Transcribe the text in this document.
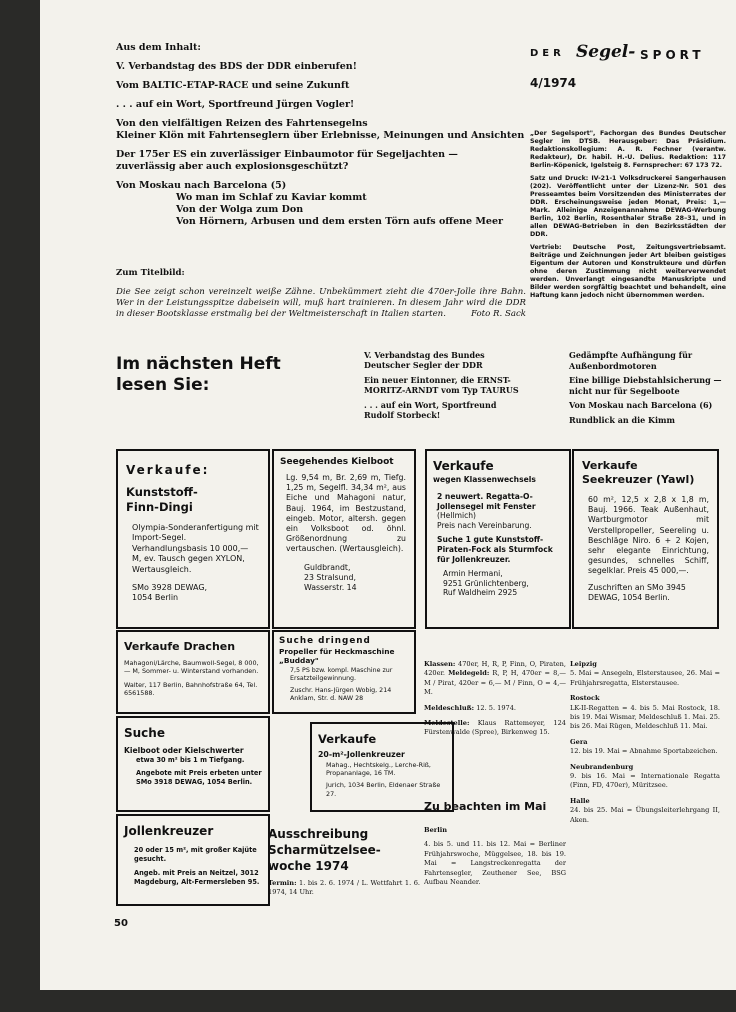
Aus dem Inhalt:
V. Verbandstag des BDS der DDR einberufen!
Vom BALTIC-ETAP-RACE und seine Zukunft
. . . auf ein Wort, Sportfreund Jürgen Vogler!
Von den vielfältigen Reizen des Fahrtensegelns
Kleiner Klön mit Fahrtenseglern über Erlebnisse, Meinungen und Ansichten
Der 175er ES ein zuverlässiger Einbaumotor für Segeljachten —
zuverlässig aber auch explosionsgeschützt?
Von Moskau nach Barcelona (5)
Wo man im Schlaf zu Kaviar kommt
Von der Wolga zum Don
Von Hörnern, Arbusen und dem ersten Törn aufs offene Meer
DER Segel- SPORT
4/1974

„Der Segelsport", Fachorgan des Bundes Deutscher Segler im DTSB. Herausgeber: Das Präsidium. Redaktionskollegium: A. R. Fechner (verantw. Redakteur), Dr. habil. H.-U. Delius. Redaktion: 117 Berlin-Köpenick, Igelsteig 8. Fernsprecher: 67 173 72.

Satz und Druck: IV-21-1 Volksdruckerei Sangerhausen (202). Veröffentlicht unter der Lizenz-Nr. 501 des Presseamtes beim Vorsitzenden des Ministerrates der DDR. Erscheinungsweise jeden Monat, Preis: 1,— Mark. Alleinige Anzeigenannahme DEWAG-Werbung Berlin, 102 Berlin, Rosenthaler Straße 28–31, und in allen DEWAG-Betrieben in den Bezirksstädten der DDR.

Vertrieb: Deutsche Post, Zeitungsvertriebsamt. Beiträge und Zeichnungen jeder Art bleiben geistiges Eigentum der Autoren und Konstrukteure und dürfen ohne deren Zustimmung nicht weiterverwendet werden. Unverlangt eingesandte Manuskripte und Bilder werden sorgfältig beachtet und behandelt, eine Haftung kann jedoch nicht übernommen werden.

Zum Titelbild:
Die See zeigt schon vereinzelt weiße Zähne. Unbekümmert zieht die 470er-Jolle ihre Bahn. Wer in der Leistungsspitze dabeisein will, muß hart trainieren. In diesem Jahr wird die DDR in dieser Bootsklasse erstmalig bei der Weltmeisterschaft in Italien starten.	Foto R. Sack
Im nächsten Heft
lesen Sie:
V. Verbandstag des Bundes
Deutscher Segler der DDR
Ein neuer Eintonner, die ERNST-
MORITZ-ARNDT vom Typ TAURUS
. . . auf ein Wort, Sportfreund
Rudolf Storbeck!
Gedämpfte Aufhängung für
Außenbordmotoren
Eine billige Diebstahlsicherung —
nicht nur für Segelboote
Von Moskau nach Barcelona (6)
Rundblick an die Kimm
Verkaufe:
Kunststoff-
Finn-Dingi
Olympia-Sonderanfertigung mit Import-Segel. Verhandlungsbasis 10 000,— M, ev. Tausch gegen XYLON, Wertausgleich.
SMo 3928 DEWAG,
1054 Berlin
Seegehendes Kielboot
Lg. 9,54 m, Br. 2,69 m, Tiefg. 1,25 m, Segelfl. 34,34 m², aus Eiche und Mahagoni natur, Bauj. 1964, im Bestzustand, eingeb. Motor, altersh. gegen ein Volksboot od. öhnl. Größenordnung zu vertauschen. (Wertausgleich).
Guldbrandt,
23 Stralsund,
Wasserstr. 14
Verkaufe
wegen Klassenwechsels
2 neuwert. Regatta-O-Jollensegel mit Fenster
(Hellmich)
Preis nach Vereinbarung.
Suche 1 gute Kunststoff-Piraten-Fock als Sturmfock für Jollenkreuzer.
Armin Hermani,
9251 Grünlichtenberg,
Ruf Waldheim 2925
Verkaufe
Seekreuzer (Yawl)
60 m², 12,5 x 2,8 x 1,8 m, Bauj. 1966. Teak Außenhaut, Wartburgmotor mit Verstellpropeller, Seereling u. Beschläge Niro. 6 + 2 Kojen, sehr elegante Einrichtung, gesundes, schnelles Schiff, segelklar. Preis 45 000,—.
Zuschriften an SMo 3945 DEWAG, 1054 Berlin.
Verkaufe Drachen
Mahagoni/Lärche, Baumwoll-Segel, 8 000,— M, Sommer- u. Winterstand vorhanden.
Walter, 117 Berlin, Bahnhofstraße 64, Tel. 6561588.
Suche dringend
Propeller für Heckmaschine „Budday"
7,5 PS bzw. kompl. Maschine zur Ersatzteilgewinnung.
Zuschr. Hans-Jürgen Wobig, 214 Anklam, Str. d. NAW 28
Suche
Kielboot oder Kielschwerter
etwa 30 m² bis 1 m Tiefgang.
Angebote mit Preis erbeten unter SMo 3918 DEWAG, 1054 Berlin.
Verkaufe
20-m²-Jollenkreuzer
Mahag., Hechtskelg., Lerche-Riß, Propananlage, 16 TM.
Jurich, 1034 Berlin, Eldenaer Straße 27.
Jollenkreuzer
20 oder 15 m², mit großer Kajüte gesucht.
Angeb. mit Preis an Neitzel, 3012 Magdeburg, Alt-Fermersleben 95.
Ausschreibung
Scharmützelsee-
woche 1974
Termin: 1. bis 2. 6. 1974 / L. Wettfahrt 1. 6. 1974, 14 Uhr.
Klassen: 470er, H, R, P, Finn, O, Piraten, 420er. Meldegeld: R, P, H, 470er = 8,— M / Pirat, 420er = 6,— M / Finn, O = 4,— M.
Meldeschluß: 12. 5. 1974.
Meldestelle: Klaus Rattemeyer, 124 Fürstenwalde (Spree), Birkenweg 15.
Zu beachten im Mai
Berlin
4. bis 5. und 11. bis 12. Mai = Berliner Frühjahrswoche, Müggelsee, 18. bis 19. Mai = Langstreckenregatta der Fahrtensegler, Zeuthener See, BSG Aufbau Neander.
Leipzig
5. Mai = Ansegeln, Elsterstausee, 26. Mai = Frühjahrsregatta, Elsterstausee.
Rostock
LK-II-Regatten = 4. bis 5. Mai Rostock, 18. bis 19. Mai Wismar, Meldeschluß 1. Mai. 25. bis 26. Mai Rügen, Meldeschluß 11. Mai.
Gera
12. bis 19. Mai = Abnahme Sportabzeichen.
Neubrandenburg
9. bis 16. Mai = Internationale Regatta (Finn, FD, 470er), Müritzsee.
Halle
24. bis 25. Mai = Übungsleiterlehrgang II, Aken.
50
